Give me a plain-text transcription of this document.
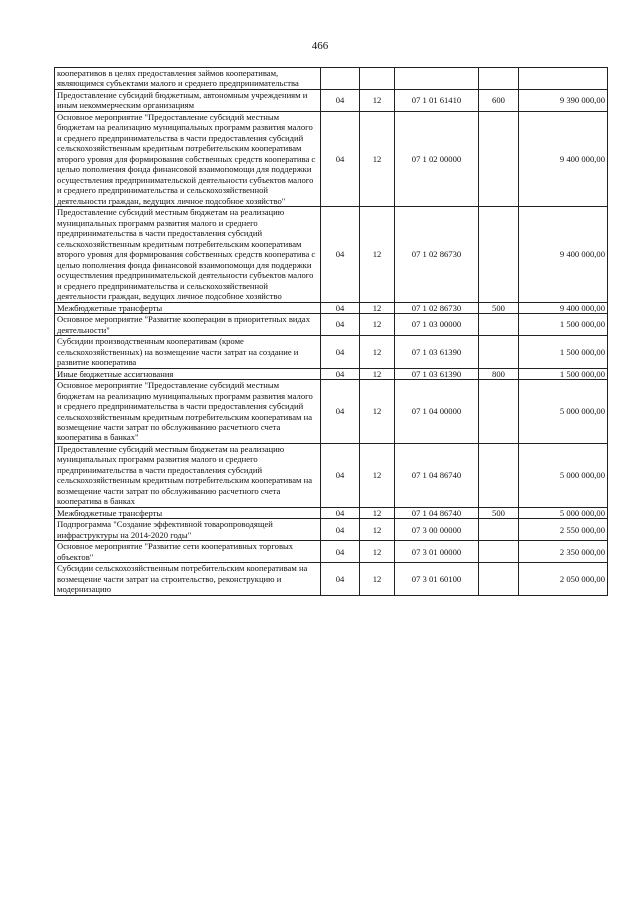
466
кооперативов в целях предоставления займов кооперативам, являющимся субъектами малого и среднего предпринимательства					
Предоставление субсидий бюджетным, автономным учреждениям и иным некоммерческим организациям	04	12	07 1 01 61410	600	9 390 000,00
Основное мероприятие "Предоставление субсидий местным бюджетам на реализацию муниципальных программ развития малого и среднего предпринимательства в части предоставления субсидий сельскохозяйственным кредитным потребительским кооперативам второго уровня для формирования собственных средств кооператива с целью пополнения фонда финансовой взаимопомощи для поддержки осуществления предпринимательской деятельности субъектов малого и среднего предпринимательства и сельскохозяйственной деятельности граждан, ведущих личное подсобное хозяйство"	04	12	07 1 02 00000		9 400 000,00
Предоставление субсидий местным бюджетам на реализацию муниципальных программ развития малого и среднего предпринимательства в части предоставления субсидий сельскохозяйственным кредитным потребительским кооперативам второго уровня для формирования собственных средств кооператива с целью пополнения фонда финансовой взаимопомощи для поддержки осуществления предпринимательской деятельности субъектов малого и среднего предпринимательства и сельскохозяйственной деятельности граждан, ведущих личное подсобное хозяйство	04	12	07 1 02 86730		9 400 000,00
Межбюджетные трансферты	04	12	07 1 02 86730	500	9 400 000,00
Основное мероприятие "Развитие кооперации в приоритетных видах деятельности"	04	12	07 1 03 00000		1 500 000,00
Субсидии производственным кооперативам (кроме сельскохозяйственных) на возмещение части затрат на создание и развитие кооператива	04	12	07 1 03 61390		1 500 000,00
Иные бюджетные ассигнования	04	12	07 1 03 61390	800	1 500 000,00
Основное мероприятие "Предоставление субсидий местным бюджетам на реализацию муниципальных программ развития малого и среднего предпринимательства в части предоставления субсидий сельскохозяйственным кредитным потребительским кооперативам на возмещение части затрат по обслуживанию расчетного счета кооператива в банках"	04	12	07 1 04 00000		5 000 000,00
Предоставление субсидий местным бюджетам на реализацию муниципальных программ развития малого и среднего предпринимательства в части предоставления субсидий сельскохозяйственным кредитным потребительским кооперативам на возмещение части затрат по обслуживанию расчетного счета кооператива в банках	04	12	07 1 04 86740		5 000 000,00
Межбюджетные трансферты	04	12	07 1 04 86740	500	5 000 000,00
Подпрограмма "Создание эффективной товаропроводящей инфраструктуры на 2014-2020 годы"	04	12	07 3 00 00000		2 550 000,00
Основное мероприятие "Развитие сети кооперативных торговых объектов"	04	12	07 3 01 00000		2 350 000,00
Субсидии сельскохозяйственным потребительским кооперативам на возмещение части затрат на строительство, реконструкцию и модернизацию	04	12	07 3 01 60100		2 050 000,00
